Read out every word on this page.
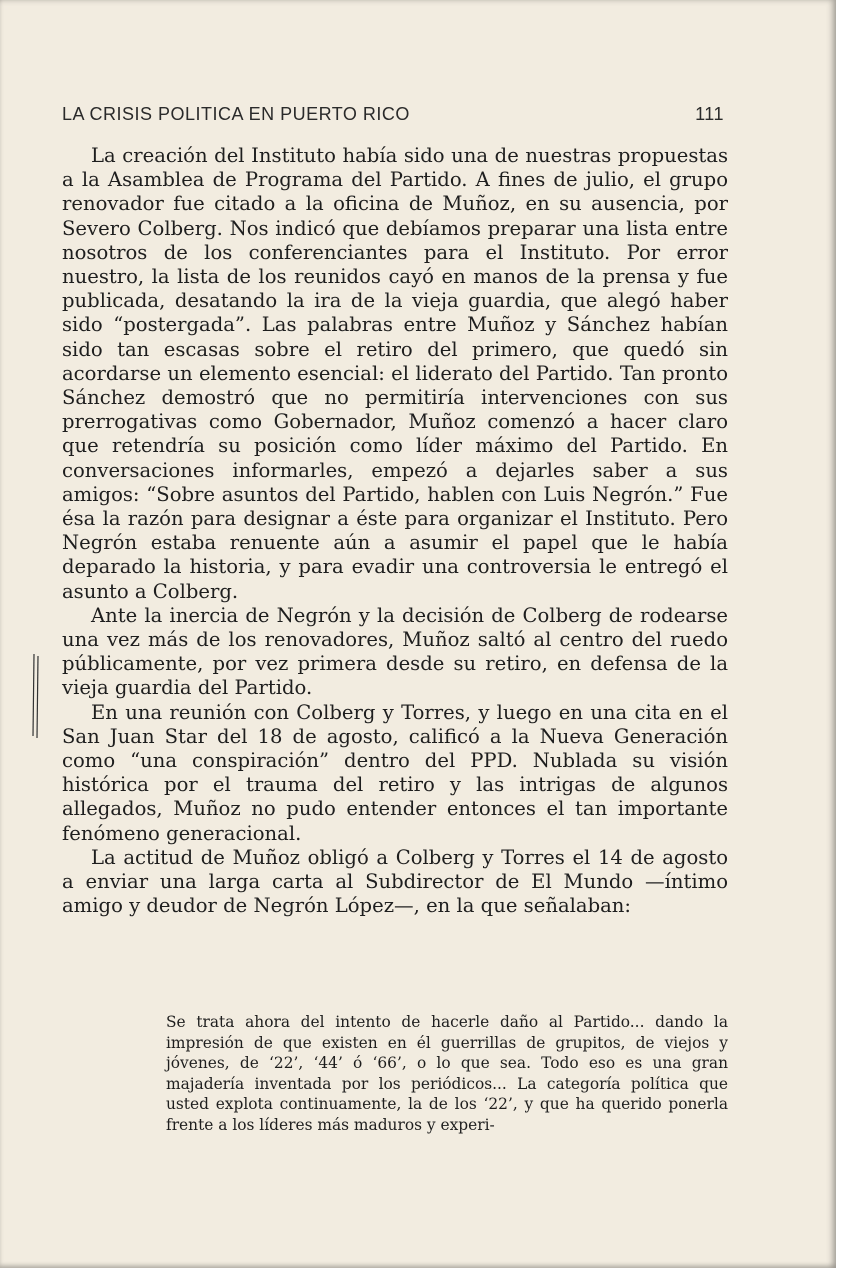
LA CRISIS POLITICA EN PUERTO RICO	111

La creación del Instituto había sido una de nuestras propuestas a la Asamblea de Programa del Partido. A fines de julio, el grupo renovador fue citado a la oficina de Muñoz, en su ausencia, por Severo Colberg. Nos indicó que debíamos preparar una lista entre nosotros de los conferenciantes para el Instituto. Por error nuestro, la lista de los reunidos cayó en manos de la prensa y fue publicada, desatando la ira de la vieja guardia, que alegó haber sido “postergada”. Las palabras entre Muñoz y Sánchez habían sido tan escasas sobre el retiro del primero, que quedó sin acordarse un elemento esencial: el liderato del Partido. Tan pronto Sánchez demostró que no permitiría intervenciones con sus prerrogativas como Gobernador, Muñoz comenzó a hacer claro que retendría su posición como líder máximo del Partido. En conversaciones informarles, empezó a dejarles saber a sus amigos: “Sobre asuntos del Partido, hablen con Luis Negrón.” Fue ésa la razón para designar a éste para organizar el Instituto. Pero Negrón estaba renuente aún a asumir el papel que le había deparado la historia, y para evadir una controversia le entregó el asunto a Colberg.

Ante la inercia de Negrón y la decisión de Colberg de rodearse una vez más de los renovadores, Muñoz saltó al centro del ruedo públicamente, por vez primera desde su retiro, en defensa de la vieja guardia del Partido.

En una reunión con Colberg y Torres, y luego en una cita en el San Juan Star del 18 de agosto, calificó a la Nueva Generación como “una conspiración” dentro del PPD. Nublada su visión histórica por el trauma del retiro y las intrigas de algunos allegados, Muñoz no pudo entender entonces el tan importante fenómeno generacional.

La actitud de Muñoz obligó a Colberg y Torres el 14 de agosto a enviar una larga carta al Subdirector de El Mundo —íntimo amigo y deudor de Negrón López—, en la que señalaban:

Se trata ahora del intento de hacerle daño al Partido... dando la impresión de que existen en él guerrillas de grupitos, de viejos y jóvenes, de ‘22’, ‘44’ ó ‘66’, o lo que sea. Todo eso es una gran majadería inventada por los periódicos... La categoría política que usted explota continuamente, la de los ‘22’, y que ha querido ponerla frente a los líderes más maduros y experi-
